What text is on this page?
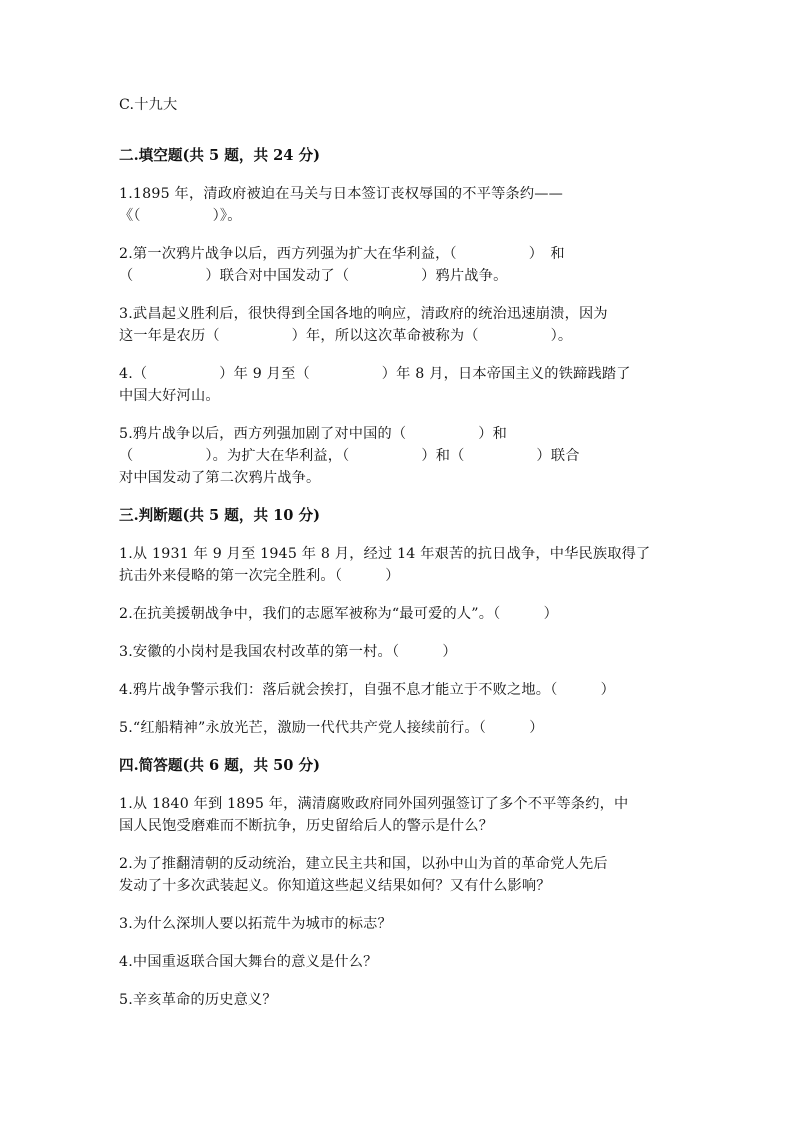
C.十九大
二.填空题(共 5 题，共 24 分)
1.1895 年，清政府被迫在马关与日本签订丧权辱国的不平等条约——
《（　　　　　）》。
2.第一次鸦片战争以后，西方列强为扩大在华利益，（　　　　　）　和
（　　　　　）联合对中国发动了（　　　　　）鸦片战争。
3.武昌起义胜利后，很快得到全国各地的响应，清政府的统治迅速崩溃，因为
这一年是农历（　　　　　）年，所以这次革命被称为（　　　　　）。
4.（　　　　　）年 9 月至（　　　　　）年 8 月，日本帝国主义的铁蹄践踏了
中国大好河山。
5.鸦片战争以后，西方列强加剧了对中国的（　　　　　）和
（　　　　　）。为扩大在华利益，（　　　　　）和（　　　　　）联合
对中国发动了第二次鸦片战争。
三.判断题(共 5 题，共 10 分)
1.从 1931 年 9 月至 1945 年 8 月，经过 14 年艰苦的抗日战争，中华民族取得了
抗击外来侵略的第一次完全胜利。（　　　）
2.在抗美援朝战争中，我们的志愿军被称为“最可爱的人”。（　　　）
3.安徽的小岗村是我国农村改革的第一村。（　　　）
4.鸦片战争警示我们：落后就会挨打，自强不息才能立于不败之地。（　　　）
5.“红船精神”永放光芒，激励一代代共产党人接续前行。（　　　）
四.简答题(共 6 题，共 50 分)
1.从 1840 年到 1895 年，满清腐败政府同外国列强签订了多个不平等条约，中
国人民饱受磨难而不断抗争，历史留给后人的警示是什么？
2.为了推翻清朝的反动统治，建立民主共和国，以孙中山为首的革命党人先后
发动了十多次武装起义。你知道这些起义结果如何？又有什么影响？
3.为什么深圳人要以拓荒牛为城市的标志？
4.中国重返联合国大舞台的意义是什么？
5.辛亥革命的历史意义？
